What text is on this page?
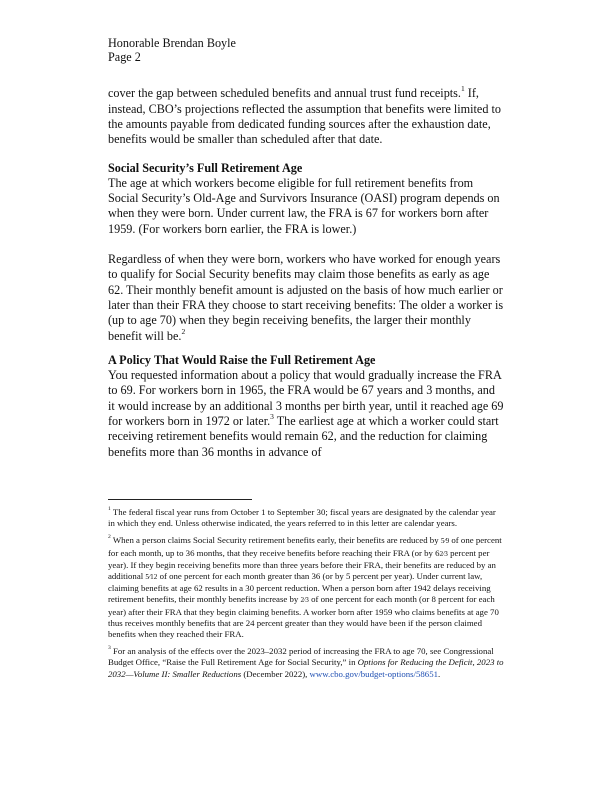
Honorable Brendan Boyle
Page 2

cover the gap between scheduled benefits and annual trust fund receipts.$^1$ If, instead, CBO’s projections reflected the assumption that benefits were limited to the amounts payable from dedicated funding sources after the exhaustion date, benefits would be smaller than scheduled after that date.

Social Security’s Full Retirement Age

The age at which workers become eligible for full retirement benefits from Social Security’s Old-Age and Survivors Insurance (OASI) program depends on when they were born. Under current law, the FRA is 67 for workers born after 1959. (For workers born earlier, the FRA is lower.)

Regardless of when they were born, workers who have worked for enough years to qualify for Social Security benefits may claim those benefits as early as age 62. Their monthly benefit amount is adjusted on the basis of how much earlier or later than their FRA they choose to start receiving benefits: The older a worker is (up to age 70) when they begin receiving benefits, the larger their monthly benefit will be.$^2$

A Policy That Would Raise the Full Retirement Age

You requested information about a policy that would gradually increase the FRA to 69. For workers born in 1965, the FRA would be 67 years and 3 months, and it would increase by an additional 3 months per birth year, until it reached age 69 for workers born in 1972 or later.$^3$ The earliest age at which a worker could start receiving retirement benefits would remain 62, and the reduction for claiming benefits more than 36 months in advance of

$^1$ The federal fiscal year runs from October 1 to September 30; fiscal years are designated by the calendar year in which they end. Unless otherwise indicated, the years referred to in this letter are calendar years.

$^2$ When a person claims Social Security retirement benefits early, their benefits are reduced by 5⁄9 of one percent for each month, up to 36 months, that they receive benefits before reaching their FRA (or by 62⁄3 percent per year). If they begin receiving benefits more than three years before their FRA, their benefits are reduced by an additional 5⁄12 of one percent for each month greater than 36 (or by 5 percent per year). Under current law, claiming benefits at age 62 results in a 30 percent reduction. When a person born after 1942 delays receiving retirement benefits, their monthly benefits increase by 2⁄3 of one percent for each month (or 8 percent for each year) after their FRA that they begin claiming benefits. A worker born after 1959 who claims benefits at age 70 thus receives monthly benefits that are 24 percent greater than they would have been if the person claimed benefits when they reached their FRA.

$^3$ For an analysis of the effects over the 2023–2032 period of increasing the FRA to age 70, see Congressional Budget Office, “Raise the Full Retirement Age for Social Security,” in Options for Reducing the Deficit, 2023 to 2032—Volume II: Smaller Reductions (December 2022), www.cbo.gov/budget-options/58651.
